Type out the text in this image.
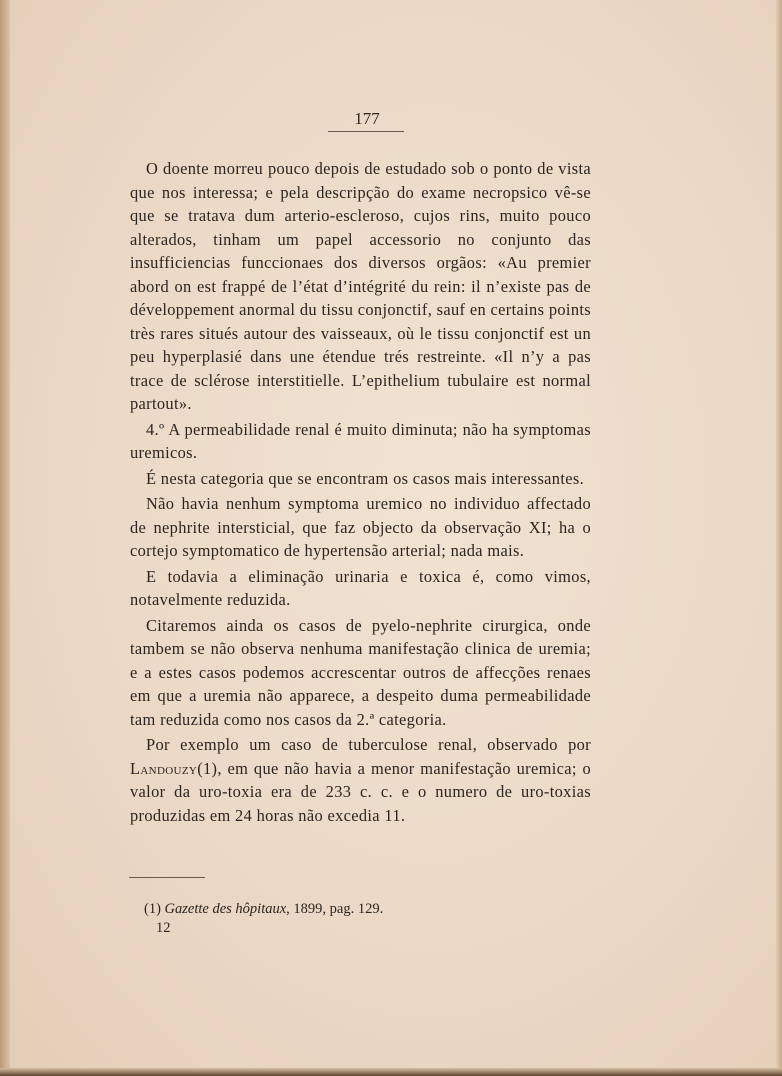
177

O doente morreu pouco depois de estudado sob o ponto de vista que nos interessa; e pela descripção do exame necropsico vê-se que se tratava dum arterio-escleroso, cujos rins, muito pouco alterados, tinham um papel accessorio no conjunto das insufficiencias funccionaes dos diversos orgãos: «Au premier abord on est frappé de l’état d’intégrité du rein: il n’existe pas de développement anormal du tissu conjonctif, sauf en certains points très rares situés autour des vaisseaux, où le tissu conjonctif est un peu hyperplasié dans une étendue trés restreinte. «Il n’y a pas trace de sclérose interstitielle. L’epithelium tubulaire est normal partout».

4.º A permeabilidade renal é muito diminuta; não ha symptomas uremicos.

É nesta categoria que se encontram os casos mais interessantes.

Não havia nenhum symptoma uremico no individuo affectado de nephrite intersticial, que faz objecto da observação XI; ha o cortejo symptomatico de hypertensão arterial; nada mais.

E todavia a eliminação urinaria e toxica é, como vimos, notavelmente reduzida.

Citaremos ainda os casos de pyelo-nephrite cirurgica, onde tambem se não observa nenhuma manifestação clinica de uremia; e a estes casos podemos accrescentar outros de affecções renaes em que a uremia não apparece, a despeito duma permeabilidade tam reduzida como nos casos da 2.ª categoria.

Por exemplo um caso de tuberculose renal, observado por Landouzy(1), em que não havia a menor manifestação uremica; o valor da uro-toxia era de 233 c. c. e o numero de uro-toxias produzidas em 24 horas não excedia 11.

(1) Gazette des hôpitaux, 1899, pag. 129.
12
